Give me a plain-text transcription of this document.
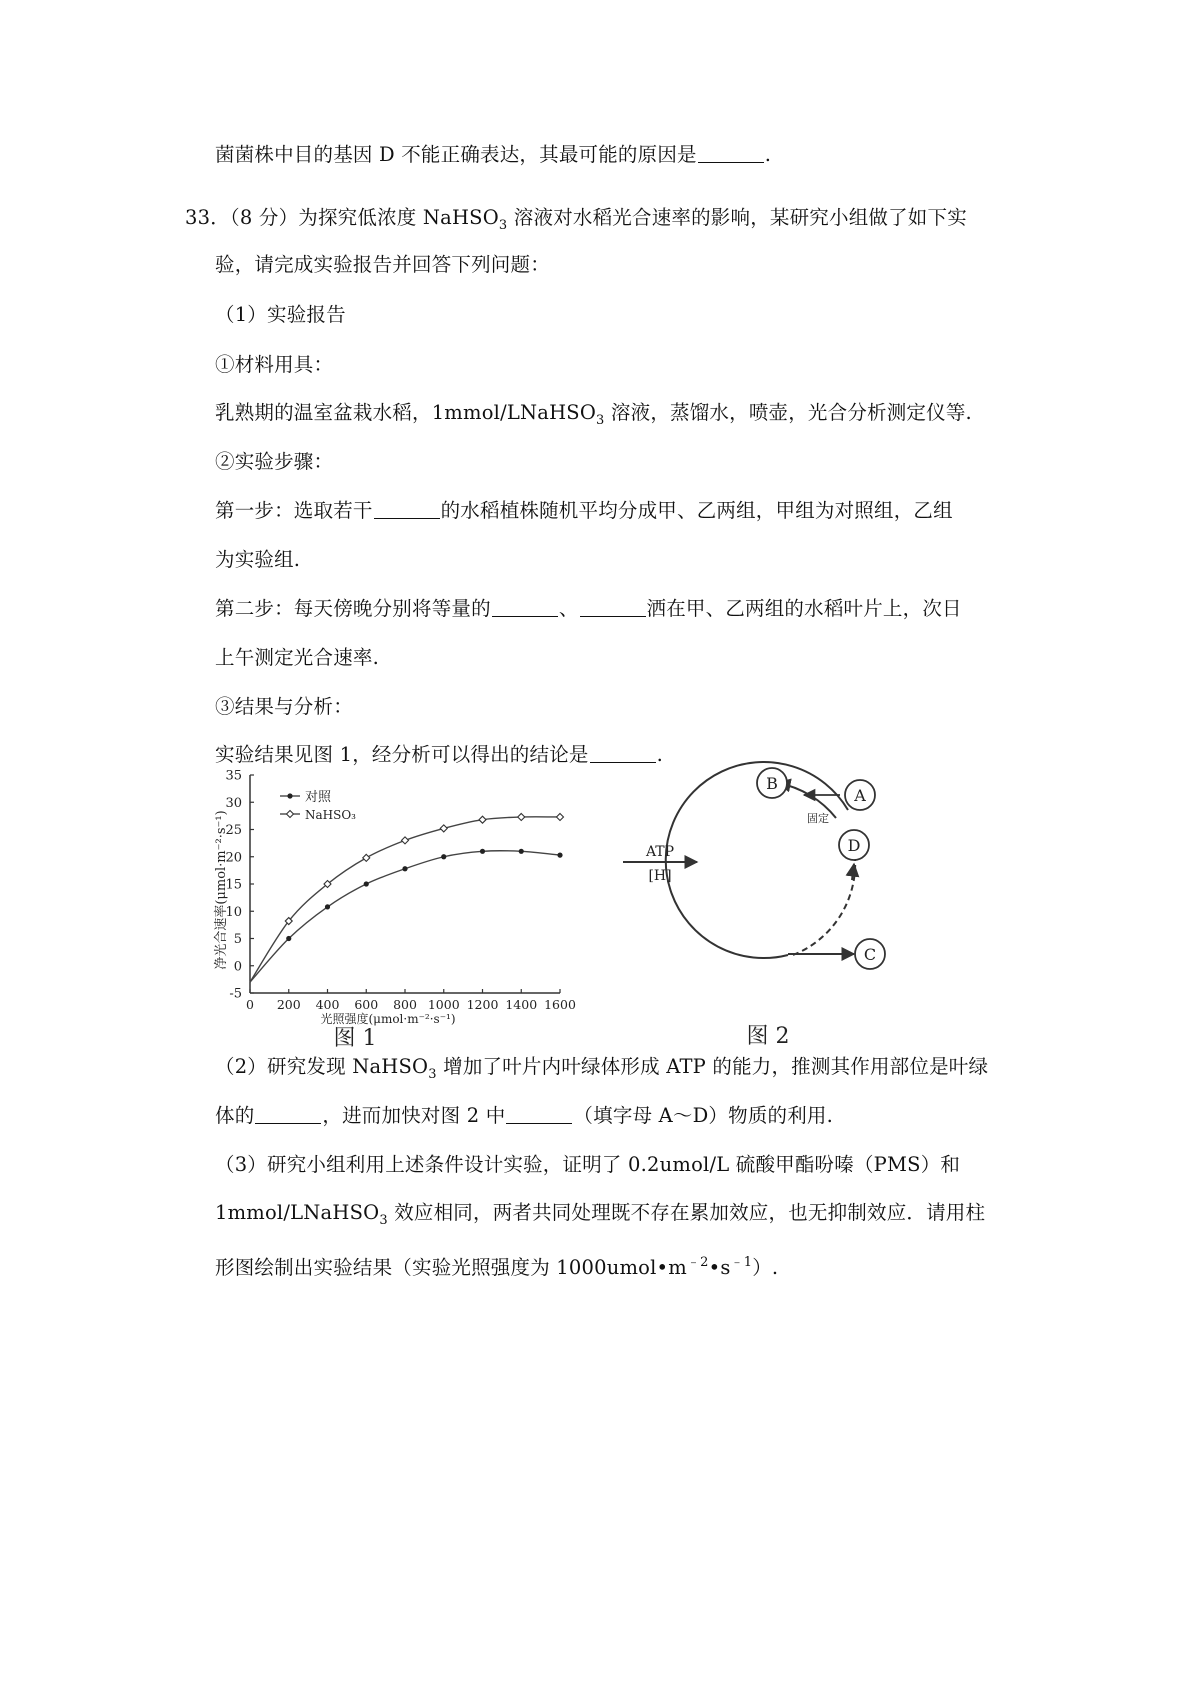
菌菌株中目的基因 D 不能正确表达，其最可能的原因是	.
33．（8 分）为探究低浓度 NaHSO$_3$ 溶液对水稻光合速率的影响，某研究小组做了如下实
验，请完成实验报告并回答下列问题：
（1）实验报告
①材料用具：
乳熟期的温室盆栽水稻，1mmol/LNaHSO$_3$ 溶液，蒸馏水，喷壶，光合分析测定仪等.
②实验步骤：
第一步：选取若干	的水稻植株随机平均分成甲、乙两组，甲组为对照组，乙组
为实验组.
第二步：每天傍晚分别将等量的	、	洒在甲、乙两组的水稻叶片上，次日
上午测定光合速率.
③结果与分析：
实验结果见图 1，经分析可以得出的结论是	.
-5
0
5
10
15
20
25
30
35
0 200 400 600 800 1000 1200 1400 1600
对照
NaHSO₃
净光合速率(μmol·m⁻²·s⁻¹)
光照强度(μmol·m⁻²·s⁻¹)
图 1
B
A
D
C
固定
ATP
[H]
图 2
（2）研究发现 NaHSO$_3$ 增加了叶片内叶绿体形成 ATP 的能力，推测其作用部位是叶绿
体的	，进而加快对图 2 中	（填字母 A～D）物质的利用.
（3）研究小组利用上述条件设计实验，证明了 0.2umol/L 硫酸甲酯吩嗪（PMS）和
1mmol/LNaHSO$_3$ 效应相同，两者共同处理既不存在累加效应，也无抑制效应．请用柱
形图绘制出实验结果（实验光照强度为 $1000umol•m^{﹣2}•s^{﹣1}$）.
